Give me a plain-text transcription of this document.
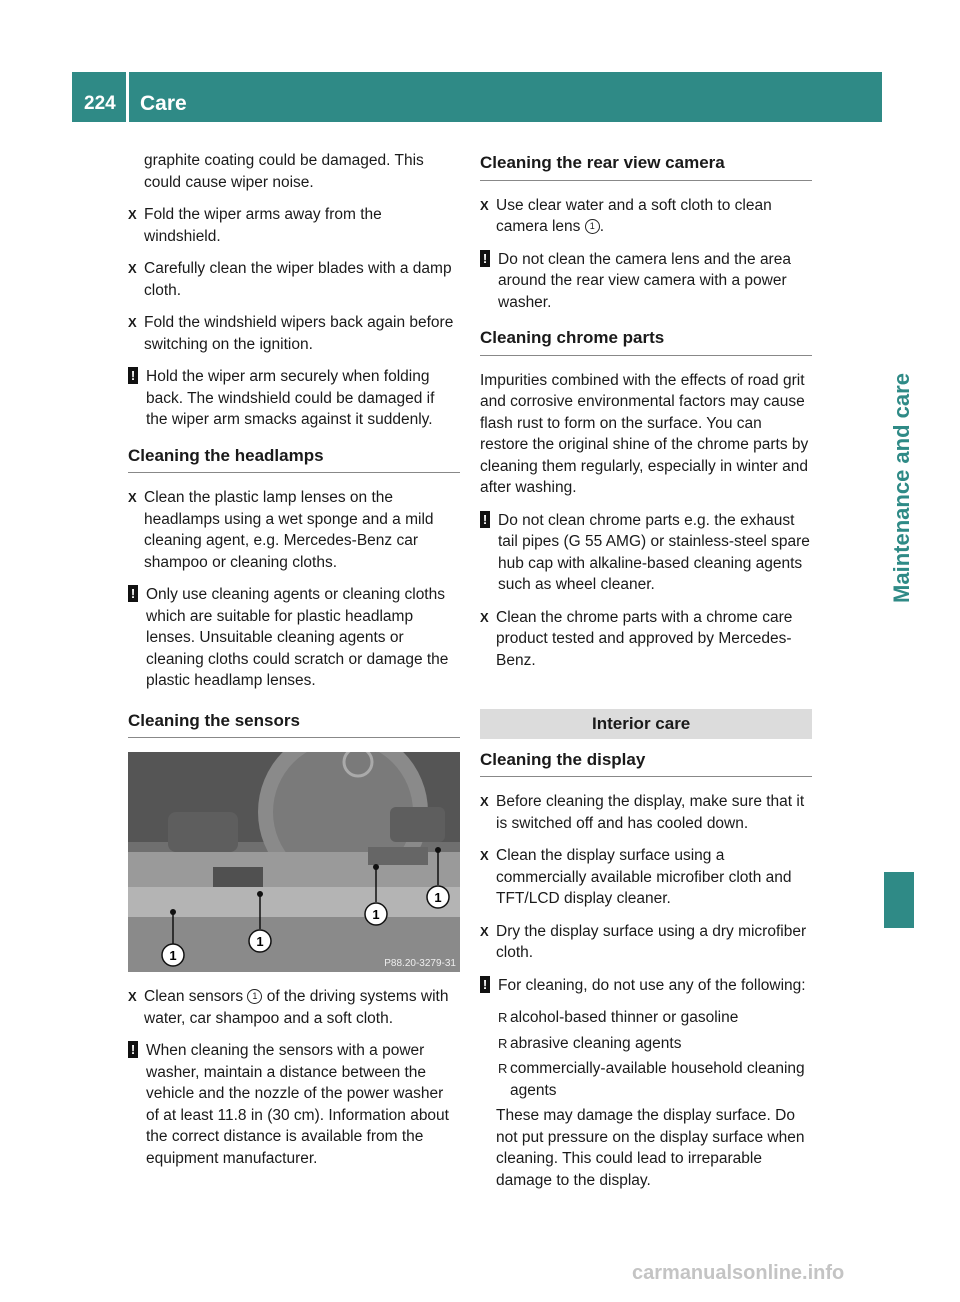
224	Care
Maintenance and care

graphite coating could be damaged. This could cause wiper noise.

X Fold the wiper arms away from the windshield.

X Carefully clean the wiper blades with a damp cloth.

X Fold the windshield wipers back again before switching on the ignition.

! Hold the wiper arm securely when folding back. The windshield could be damaged if the wiper arm smacks against it suddenly.
Cleaning the headlamps

X Clean the plastic lamp lenses on the headlamps using a wet sponge and a mild cleaning agent, e.g. Mercedes-Benz car shampoo or cleaning cloths.

! Only use cleaning agents or cleaning cloths which are suitable for plastic headlamp lenses. Unsuitable cleaning agents or cleaning cloths could scratch or damage the plastic headlamp lenses.
Cleaning the sensors
1
1
1
1
P88.20-3279-31

X Clean sensors 1 of the driving systems with water, car shampoo and a soft cloth.

! When cleaning the sensors with a power washer, maintain a distance between the vehicle and the nozzle of the power washer of at least 11.8 in (30 cm). Information about the correct distance is available from the equipment manufacturer.
Cleaning the rear view camera

X Use clear water and a soft cloth to clean camera lens 1 .

! Do not clean the camera lens and the area around the rear view camera with a power washer.
Cleaning chrome parts

Impurities combined with the effects of road grit and corrosive environmental factors may cause flash rust to form on the surface. You can restore the original shine of the chrome parts by cleaning them regularly, especially in winter and after washing.

! Do not clean chrome parts e.g. the exhaust tail pipes (G 55 AMG) or stainless-steel spare hub cap with alkaline-based cleaning agents such as wheel cleaner.

X Clean the chrome parts with a chrome care product tested and approved by Mercedes-Benz.

Interior care
Cleaning the display

X Before cleaning the display, make sure that it is switched off and has cooled down.

X Clean the display surface using a commercially available microfiber cloth and TFT/LCD display cleaner.

X Dry the display surface using a dry microfiber cloth.

! For cleaning, do not use any of the following:

R alcohol-based thinner or gasoline

R abrasive cleaning agents

R commercially-available household cleaning agents

These may damage the display surface. Do not put pressure on the display surface when cleaning. This could lead to irreparable damage to the display.

carmanualsonline.info
